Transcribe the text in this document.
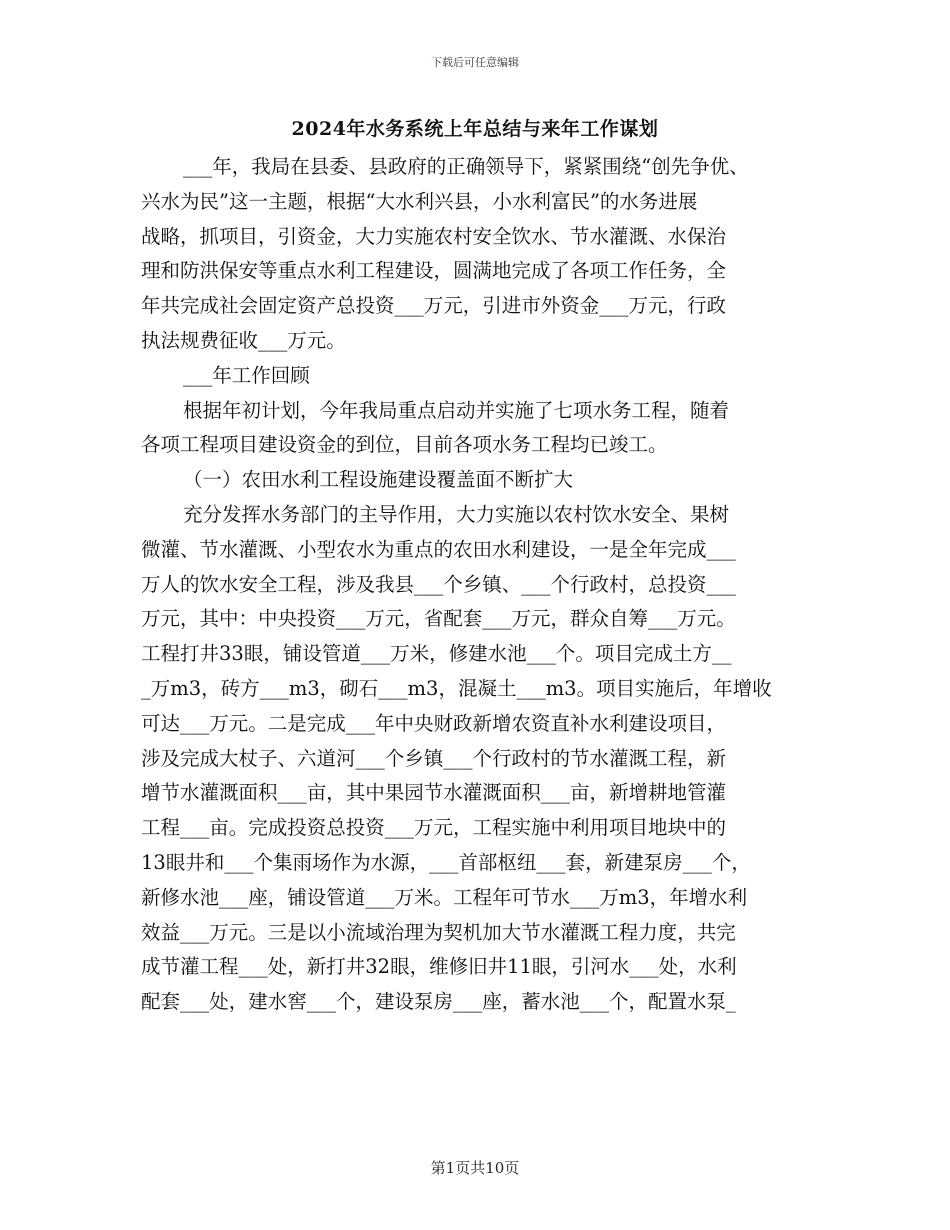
下载后可任意编辑
2024年水务系统上年总结与来年工作谋划
___年，我局在县委、县政府的正确领导下，紧紧围绕“创先争优、
兴水为民”这一主题，根据“大水利兴县，小水利富民”的水务进展
战略，抓项目，引资金，大力实施农村安全饮水、节水灌溉、水保治
理和防洪保安等重点水利工程建设，圆满地完成了各项工作任务，全
年共完成社会固定资产总投资___万元，引进市外资金___万元，行政
执法规费征收___万元。
___年工作回顾
根据年初计划，今年我局重点启动并实施了七项水务工程，随着
各项工程项目建设资金的到位，目前各项水务工程均已竣工。
（一）农田水利工程设施建设覆盖面不断扩大
充分发挥水务部门的主导作用，大力实施以农村饮水安全、果树
微灌、节水灌溉、小型农水为重点的农田水利建设，一是全年完成___
万人的饮水安全工程，涉及我县___个乡镇、___个行政村，总投资___
万元，其中：中央投资___万元，省配套___万元，群众自筹___万元。
工程打井33眼，铺设管道___万米，修建水池___个。项目完成土方__
_万m3，砖方___m3，砌石___m3，混凝土___m3。项目实施后，年增收
可达___万元。二是完成___年中央财政新增农资直补水利建设项目，
涉及完成大杖子、六道河___个乡镇___个行政村的节水灌溉工程，新
增节水灌溉面积___亩，其中果园节水灌溉面积___亩，新增耕地管灌
工程___亩。完成投资总投资___万元，工程实施中利用项目地块中的
13眼井和___个集雨场作为水源，___首部枢纽___套，新建泵房___个，
新修水池___座，铺设管道___万米。工程年可节水___万m3，年增水利
效益___万元。三是以小流域治理为契机加大节水灌溉工程力度，共完
成节灌工程___处，新打井32眼，维修旧井11眼，引河水___处，水利
配套___处，建水窖___个，建设泵房___座，蓄水池___个，配置水泵_
第1页共10页
